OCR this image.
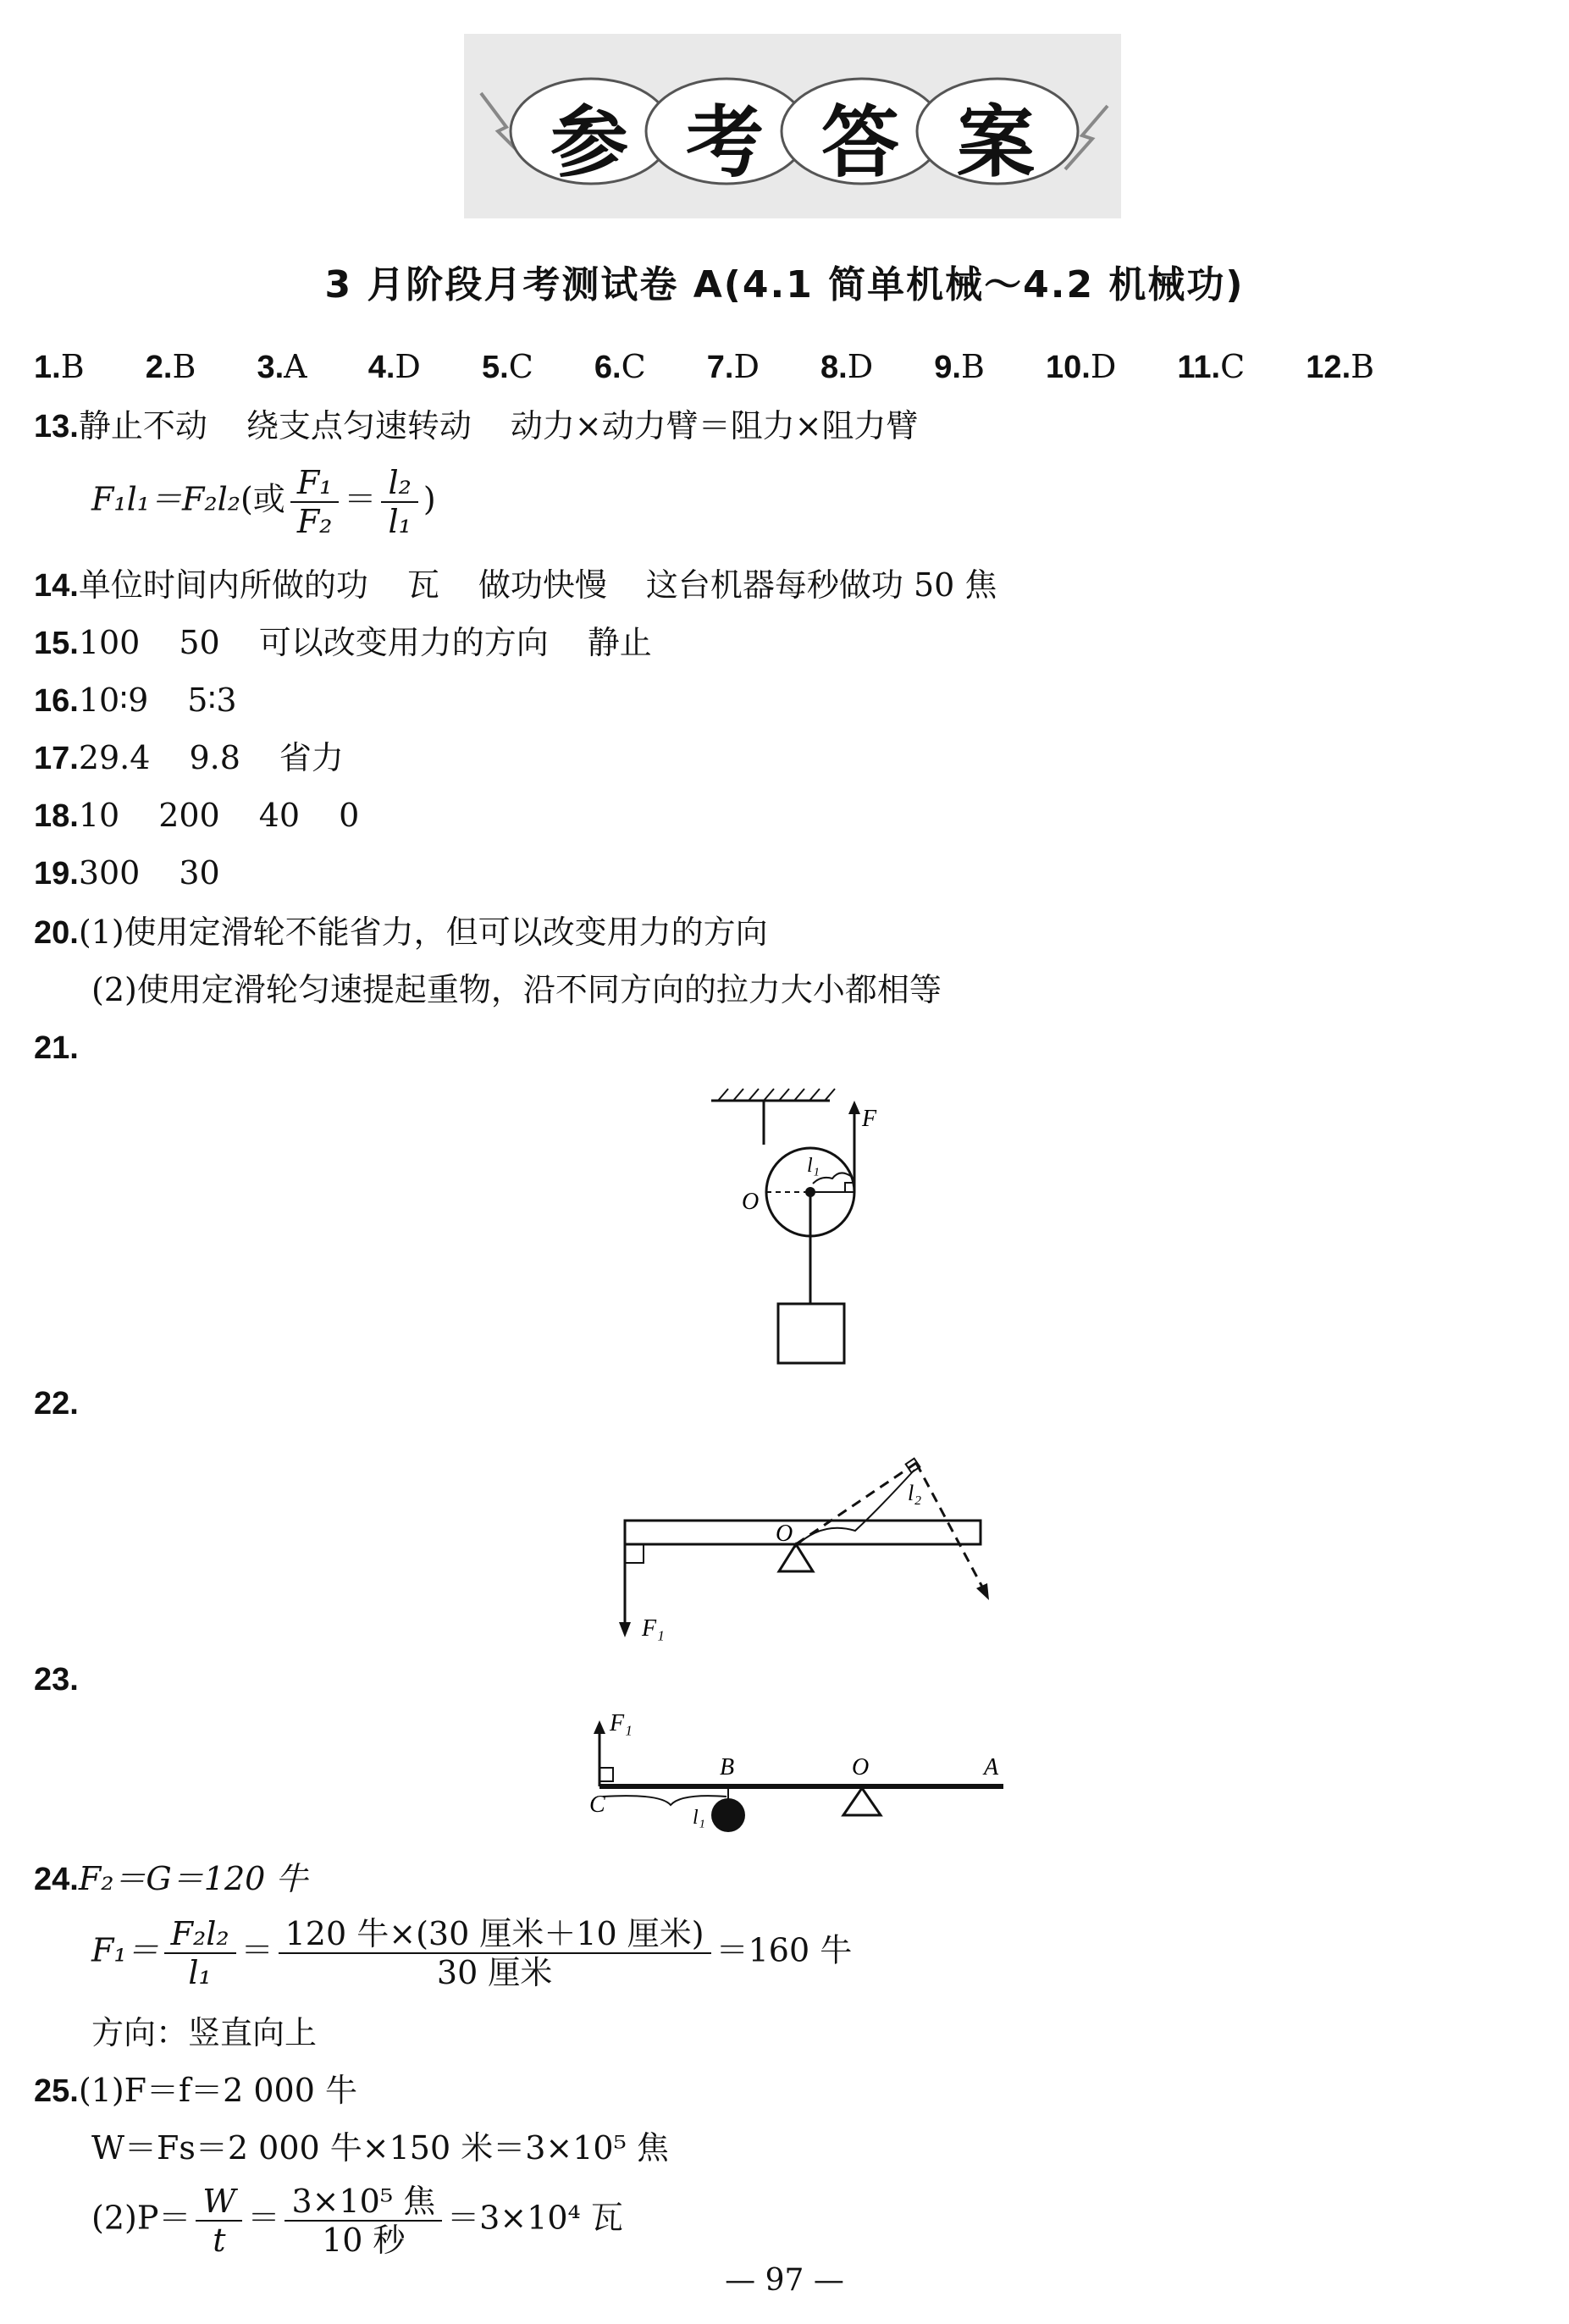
参考答案
3 月阶段月考测试卷 A(4.1 简单机械～4.2 机械功)
1.B 2.B 3.A 4.D 5.C 6.C 7.D 8.D 9.B 10.D 11.C 12.B
13.静止不动 绕支点匀速转动 动力×动力臂＝阻力×阻力臂
F₁l₁＝F₂l₂(或 $\frac{\text{F₁}}{\text{F₂}} = \frac{\text{l₂}}{\text{l₁}}$ )
14.单位时间内所做的功 瓦 做功快慢 这台机器每秒做功 50 焦
15.100 50 可以改变用力的方向 静止
16.10∶9 5∶3
17.29.4 9.8 省力
18.10 200 40 0
19.300 30
20.(1)使用定滑轮不能省力，但可以改变用力的方向
(2)使用定滑轮匀速提起重物，沿不同方向的拉力大小都相等
21.
F
O
l₁
22.
O
l₂
F₁
23.
F₁
B	O	A
C	l₁
24.F₂＝G＝120 牛
$F_1= \frac{\text{F₂l₂}}{\text{l₁}} = \frac{\text{120 牛×(30 厘米＋10 厘米)}}{\text{30 厘米}} =160$ 牛
方向：竖直向上
25.(1)F＝f＝2 000 牛
W＝Fs＝2 000 牛×150 米＝3×10⁵ 焦
$(2)P= \frac{W}{t} = \frac{\text{3×10⁵ 焦}}{\text{10 秒}} =3\times 10^4$ 瓦
— 97 —
